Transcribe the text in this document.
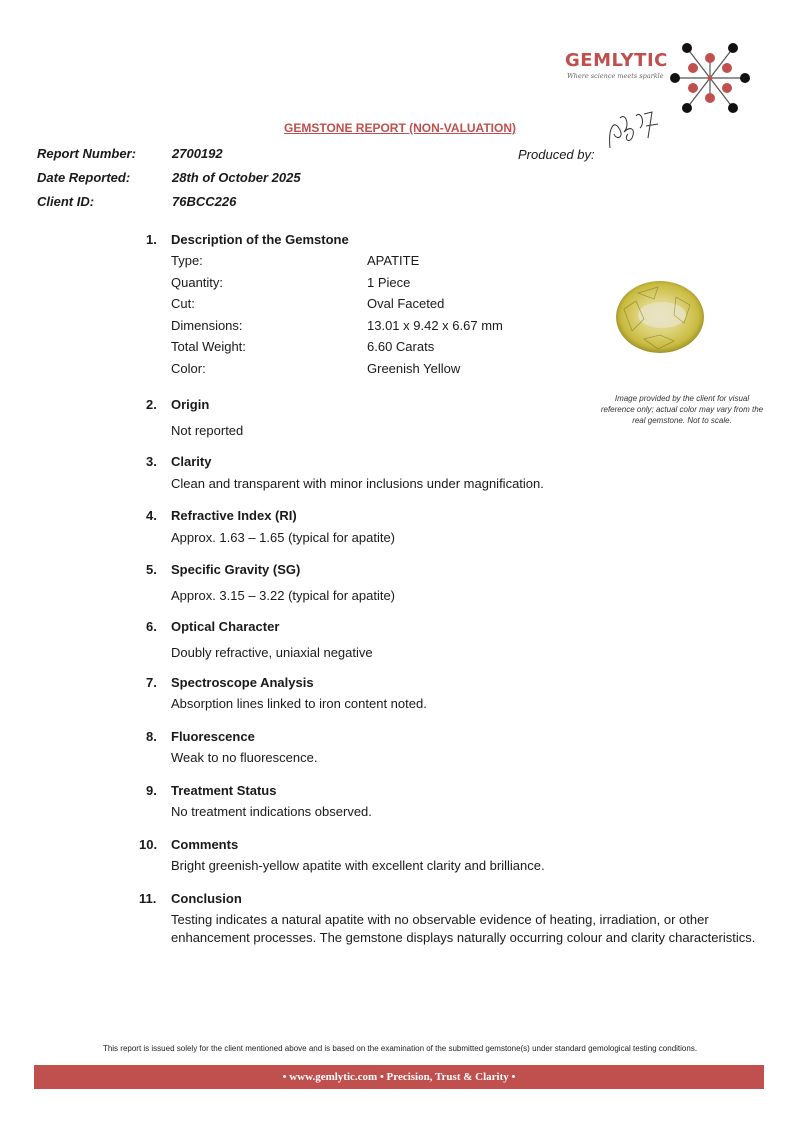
GEMLYTIC
Where science meets sparkle
GEMSTONE REPORT (NON-VALUATION)
Report Number:	2700192
Date Reported:	28th of October 2025
Client ID:	76BCC226
Produced by:
1.	Description of the Gemstone
Type:	APATITE
Quantity:	1 Piece
Cut:	Oval Faceted
Dimensions:	13.01 x 9.42 x 6.67 mm
Total Weight:	6.60 Carats
Color:	Greenish Yellow
2.	Origin
Not reported
3.	Clarity
Clean and transparent with minor inclusions under magnification.
4.	Refractive Index (RI)
Approx. 1.63 – 1.65 (typical for apatite)
5.	Specific Gravity (SG)
Approx. 3.15 – 3.22 (typical for apatite)
6.	Optical Character
Doubly refractive, uniaxial negative
7.	Spectroscope Analysis
Absorption lines linked to iron content noted.
8.	Fluorescence
Weak to no fluorescence.
9.	Treatment Status
No treatment indications observed.
10.	Comments
Bright greenish-yellow apatite with excellent clarity and brilliance.
11.	Conclusion
Testing indicates a natural apatite with no observable evidence of heating, irradiation, or other enhancement processes. The gemstone displays naturally occurring colour and clarity characteristics.
Image provided by the client for visual reference only; actual color may vary from the real gemstone. Not to scale.
This report is issued solely for the client mentioned above and is based on the examination of the submitted gemstone(s) under standard gemological testing conditions.
• www.gemlytic.com • Precision, Trust & Clarity •
